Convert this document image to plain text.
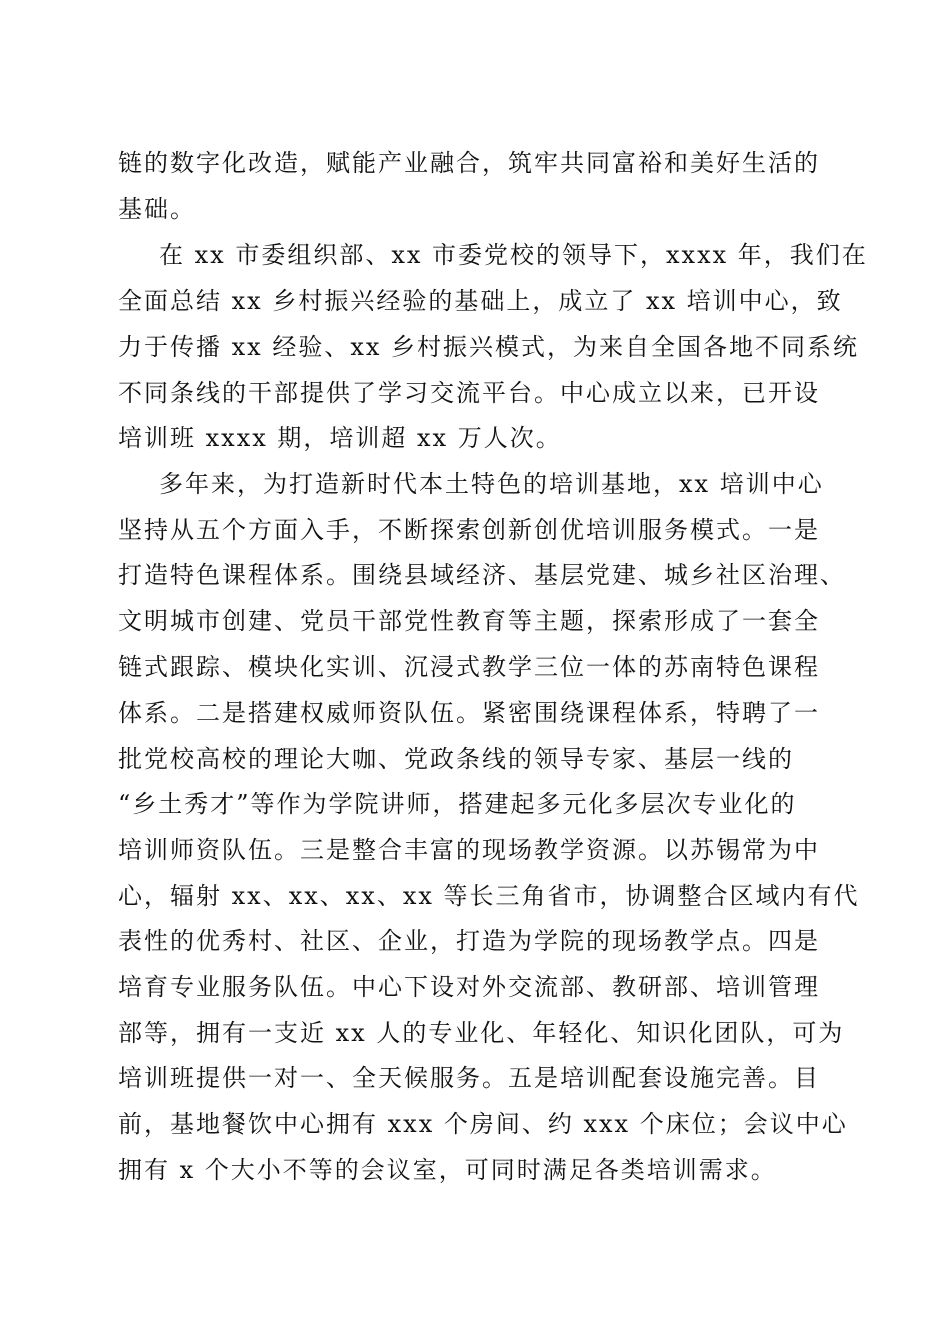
链的数字化改造，赋能产业融合，筑牢共同富裕和美好生活的

基础。

在 xx 市委组织部、xx 市委党校的领导下，xxxx 年，我们在

全面总结 xx 乡村振兴经验的基础上，成立了 xx 培训中心，致

力于传播 xx 经验、xx 乡村振兴模式，为来自全国各地不同系统

不同条线的干部提供了学习交流平台。中心成立以来，已开设

培训班 xxxx 期，培训超 xx 万人次。

多年来，为打造新时代本土特色的培训基地，xx 培训中心

坚持从五个方面入手，不断探索创新创优培训服务模式。一是

打造特色课程体系。围绕县域经济、基层党建、城乡社区治理、

文明城市创建、党员干部党性教育等主题，探索形成了一套全

链式跟踪、模块化实训、沉浸式教学三位一体的苏南特色课程

体系。二是搭建权威师资队伍。紧密围绕课程体系，特聘了一

批党校高校的理论大咖、党政条线的领导专家、基层一线的

“乡土秀才”等作为学院讲师，搭建起多元化多层次专业化的

培训师资队伍。三是整合丰富的现场教学资源。以苏锡常为中

心，辐射 xx、xx、xx、xx 等长三角省市，协调整合区域内有代

表性的优秀村、社区、企业，打造为学院的现场教学点。四是

培育专业服务队伍。中心下设对外交流部、教研部、培训管理

部等，拥有一支近 xx 人的专业化、年轻化、知识化团队，可为

培训班提供一对一、全天候服务。五是培训配套设施完善。目

前，基地餐饮中心拥有 xxx 个房间、约 xxx 个床位；会议中心

拥有 x 个大小不等的会议室，可同时满足各类培训需求。
